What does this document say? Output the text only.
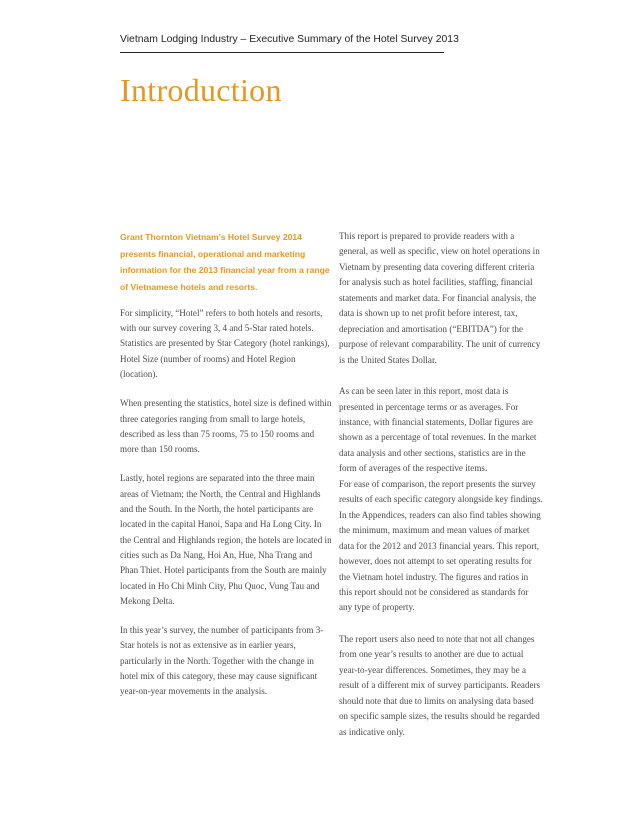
Vietnam Lodging Industry – Executive Summary of the Hotel Survey 2013
Introduction

Grant Thornton Vietnam’s Hotel Survey 2014 presents financial, operational and marketing information for the 2013 financial year from a range of Vietnamese hotels and resorts.

For simplicity, “Hotel” refers to both hotels and resorts, with our survey covering 3, 4 and 5-Star rated hotels. Statistics are presented by Star Category (hotel rankings), Hotel Size (number of rooms) and Hotel Region (location).

When presenting the statistics, hotel size is defined within three categories ranging from small to large hotels, described as less than 75 rooms, 75 to 150 rooms and more than 150 rooms.

Lastly, hotel regions are separated into the three main areas of Vietnam; the North, the Central and Highlands and the South. In the North, the hotel participants are located in the capital Hanoi, Sapa and Ha Long City. In the Central and Highlands region, the hotels are located in cities such as Da Nang, Hoi An, Hue, Nha Trang and Phan Thiet. Hotel participants from the South are mainly located in Ho Chi Minh City, Phu Quoc, Vung Tau and Mekong Delta.

In this year’s survey, the number of participants from 3-Star hotels is not as extensive as in earlier years, particularly in the North. Together with the change in hotel mix of this category, these may cause significant year-on-year movements in the analysis.

This report is prepared to provide readers with a general, as well as specific, view on hotel operations in Vietnam by presenting data covering different criteria for analysis such as hotel facilities, staffing, financial statements and market data. For financial analysis, the data is shown up to net profit before interest, tax, depreciation and amortisation (“EBITDA”) for the purpose of relevant comparability. The unit of currency is the United States Dollar.

As can be seen later in this report, most data is presented in percentage terms or as averages. For instance, with financial statements, Dollar figures are shown as a percentage of total revenues. In the market data analysis and other sections, statistics are in the form of averages of the respective items.

For ease of comparison, the report presents the survey results of each specific category alongside key findings. In the Appendices, readers can also find tables showing the minimum, maximum and mean values of market data for the 2012 and 2013 financial years. This report, however, does not attempt to set operating results for the Vietnam hotel industry. The figures and ratios in this report should not be considered as standards for any type of property.

The report users also need to note that not all changes from one year’s results to another are due to actual year-to-year differences. Sometimes, they may be a result of a different mix of survey participants. Readers should note that due to limits on analysing data based on specific sample sizes, the results should be regarded as indicative only.
